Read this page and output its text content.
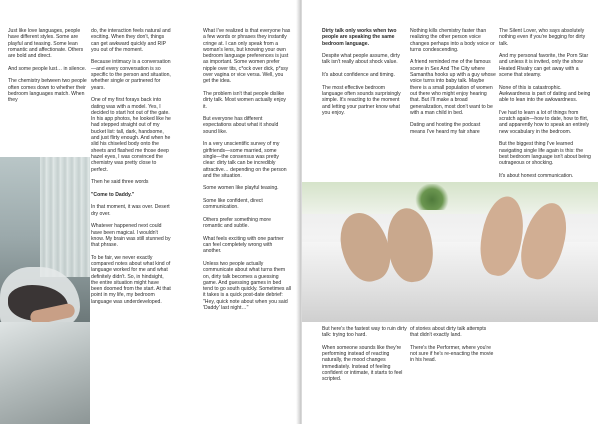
Just like love languages, people have different styles. Some are playful and teasing. Some lean romantic and affectionate. Others are bold and direct.

And some people lust… in silence.

The chemistry between two people often comes down to whether their bedroom languages match. When they

do, the interaction feels natural and exciting. When they don't, things can get awkward quickly and RIP you out of the moment.

Because intimacy is a conversation—and every conversation is so specific to the person and situation, whether single or partnered for years.

One of my first forays back into dating was with a model. Yes, I decided to start hot out of the gate. In his app photos, he looked like he had stepped straight out of my bucket list: tall, dark, handsome, and just flirty enough. And when he slid his chiseled body onto the sheets and flashed me those deep hazel eyes, I was convinced the chemistry was pretty close to perfect.

Then he said three words

"Come to Daddy."

In that moment, it was over. Desert dry over.

Whatever happened next could have been magical. I wouldn't know. My brain was still stunned by that phrase.

To be fair, we never exactly compared notes about what kind of language worked for me and what definitely didn't. So, in hindsight, the entire situation might have been doomed from the start. At that point in my life, my bedroom language was underdeveloped.

What I've realized is that everyone has a few words or phrases they instantly cringe at. I can only speak from a woman's lens, but knowing your own bedroom language preferences is just as important. Some women prefer nipple over tits, c*ock over dick, p*ssy over vagina or vice versa. Well, you get the idea.

The problem isn't that people dislike dirty talk. Most women actually enjoy it.

But everyone has different expectations about what it should sound like.

In a very unscientific survey of my girlfriends—some married, some single—the consensus was pretty clear: dirty talk can be incredibly attractive… depending on the person and the situation.

Some women like playful teasing.

Some like confident, direct communication.

Others prefer something more romantic and subtle.

What feels exciting with one partner can feel completely wrong with another.

Unless two people actually communicate about what turns them on, dirty talk becomes a guessing game. And guessing games in bed tend to go south quickly. Sometimes all it takes is a quick post-date debrief: "Hey, quick note about when you said 'Daddy' last night…"

Dirty talk only works when two people are speaking the same bedroom language.

Despite what people assume, dirty talk isn't really about shock value.

It's about confidence and timing.

The most effective bedroom language often sounds surprisingly simple. It's reacting to the moment and letting your partner know what you enjoy.

Nothing kills chemistry faster than realizing the other person voice changes perhaps into a body voice or turns condescending.

A friend reminded me of the famous scene in Sex And The City where Samantha hooks up with a guy whose voice turns into baby talk. Maybe there is a small population of women out there who might enjoy hearing that. But I'll make a broad generalization, most don't want to be with a man child in bed.

Dating and hosting the podcast means I've heard my fair share

The Silent Lover, who says absolutely nothing even if you're begging for dirty talk.

And my personal favorite, the Porn Star and unless it is invited, only the show Heated Rivalry can get away with a scene that steamy.

None of this is catastrophic. Awkwardness is part of dating and being able to lean into the awkwardness.

I've had to learn a lot of things from scratch again—how to date, how to flirt, and apparently how to speak an entirely new vocabulary in the bedroom.

But the biggest thing I've learned navigating single life again is this: the best bedroom language isn't about being outrageous or shocking.

It's about honest communication.

But here's the fastest way to ruin dirty talk: trying too hard.

When someone sounds like they're performing instead of reacting naturally, the mood changes immediately. Instead of feeling confident or intimate, it starts to feel scripted.

of stories about dirty talk attempts that didn't exactly land.

There's the Performer, where you're not sure if he's re-enacting the movie in his head.
